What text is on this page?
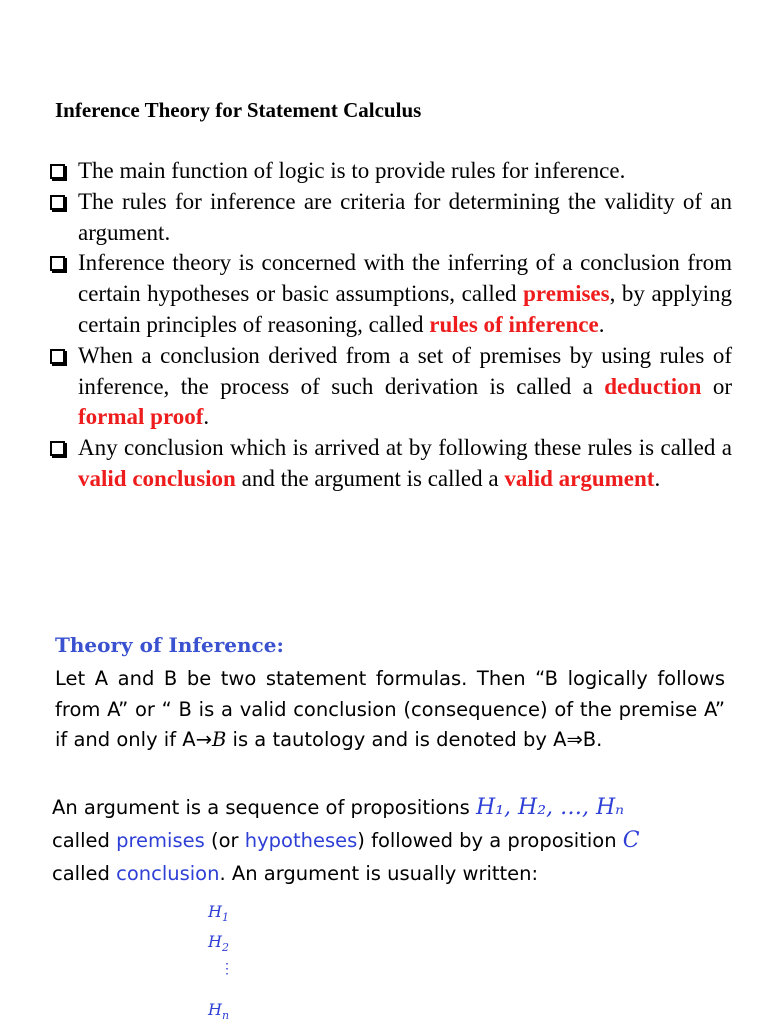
Inference Theory for Statement Calculus
The main function of logic is to provide rules for inference.
The rules for inference are criteria for determining the validity of an argument.
Inference theory is concerned with the inferring of a conclusion from certain hypotheses or basic assumptions, called premises, by applying certain principles of reasoning, called rules of inference.
When a conclusion derived from a set of premises by using rules of inference, the process of such derivation is called a deduction or formal proof.
Any conclusion which is arrived at by following these rules is called a valid conclusion and the argument is called a valid argument.
Theory of Inference:
Let A and B be two statement formulas. Then “B logically follows from A” or “ B is a valid conclusion (consequence) of the premise A” if and only if A→B is a tautology and is denoted by A⇒B.
An argument is a sequence of propositions H₁, H₂, …, Hₙ
called premises (or hypotheses) followed by a proposition C
called conclusion. An argument is usually written:
$H_1$
$H_2$
⋮
$H_n$
